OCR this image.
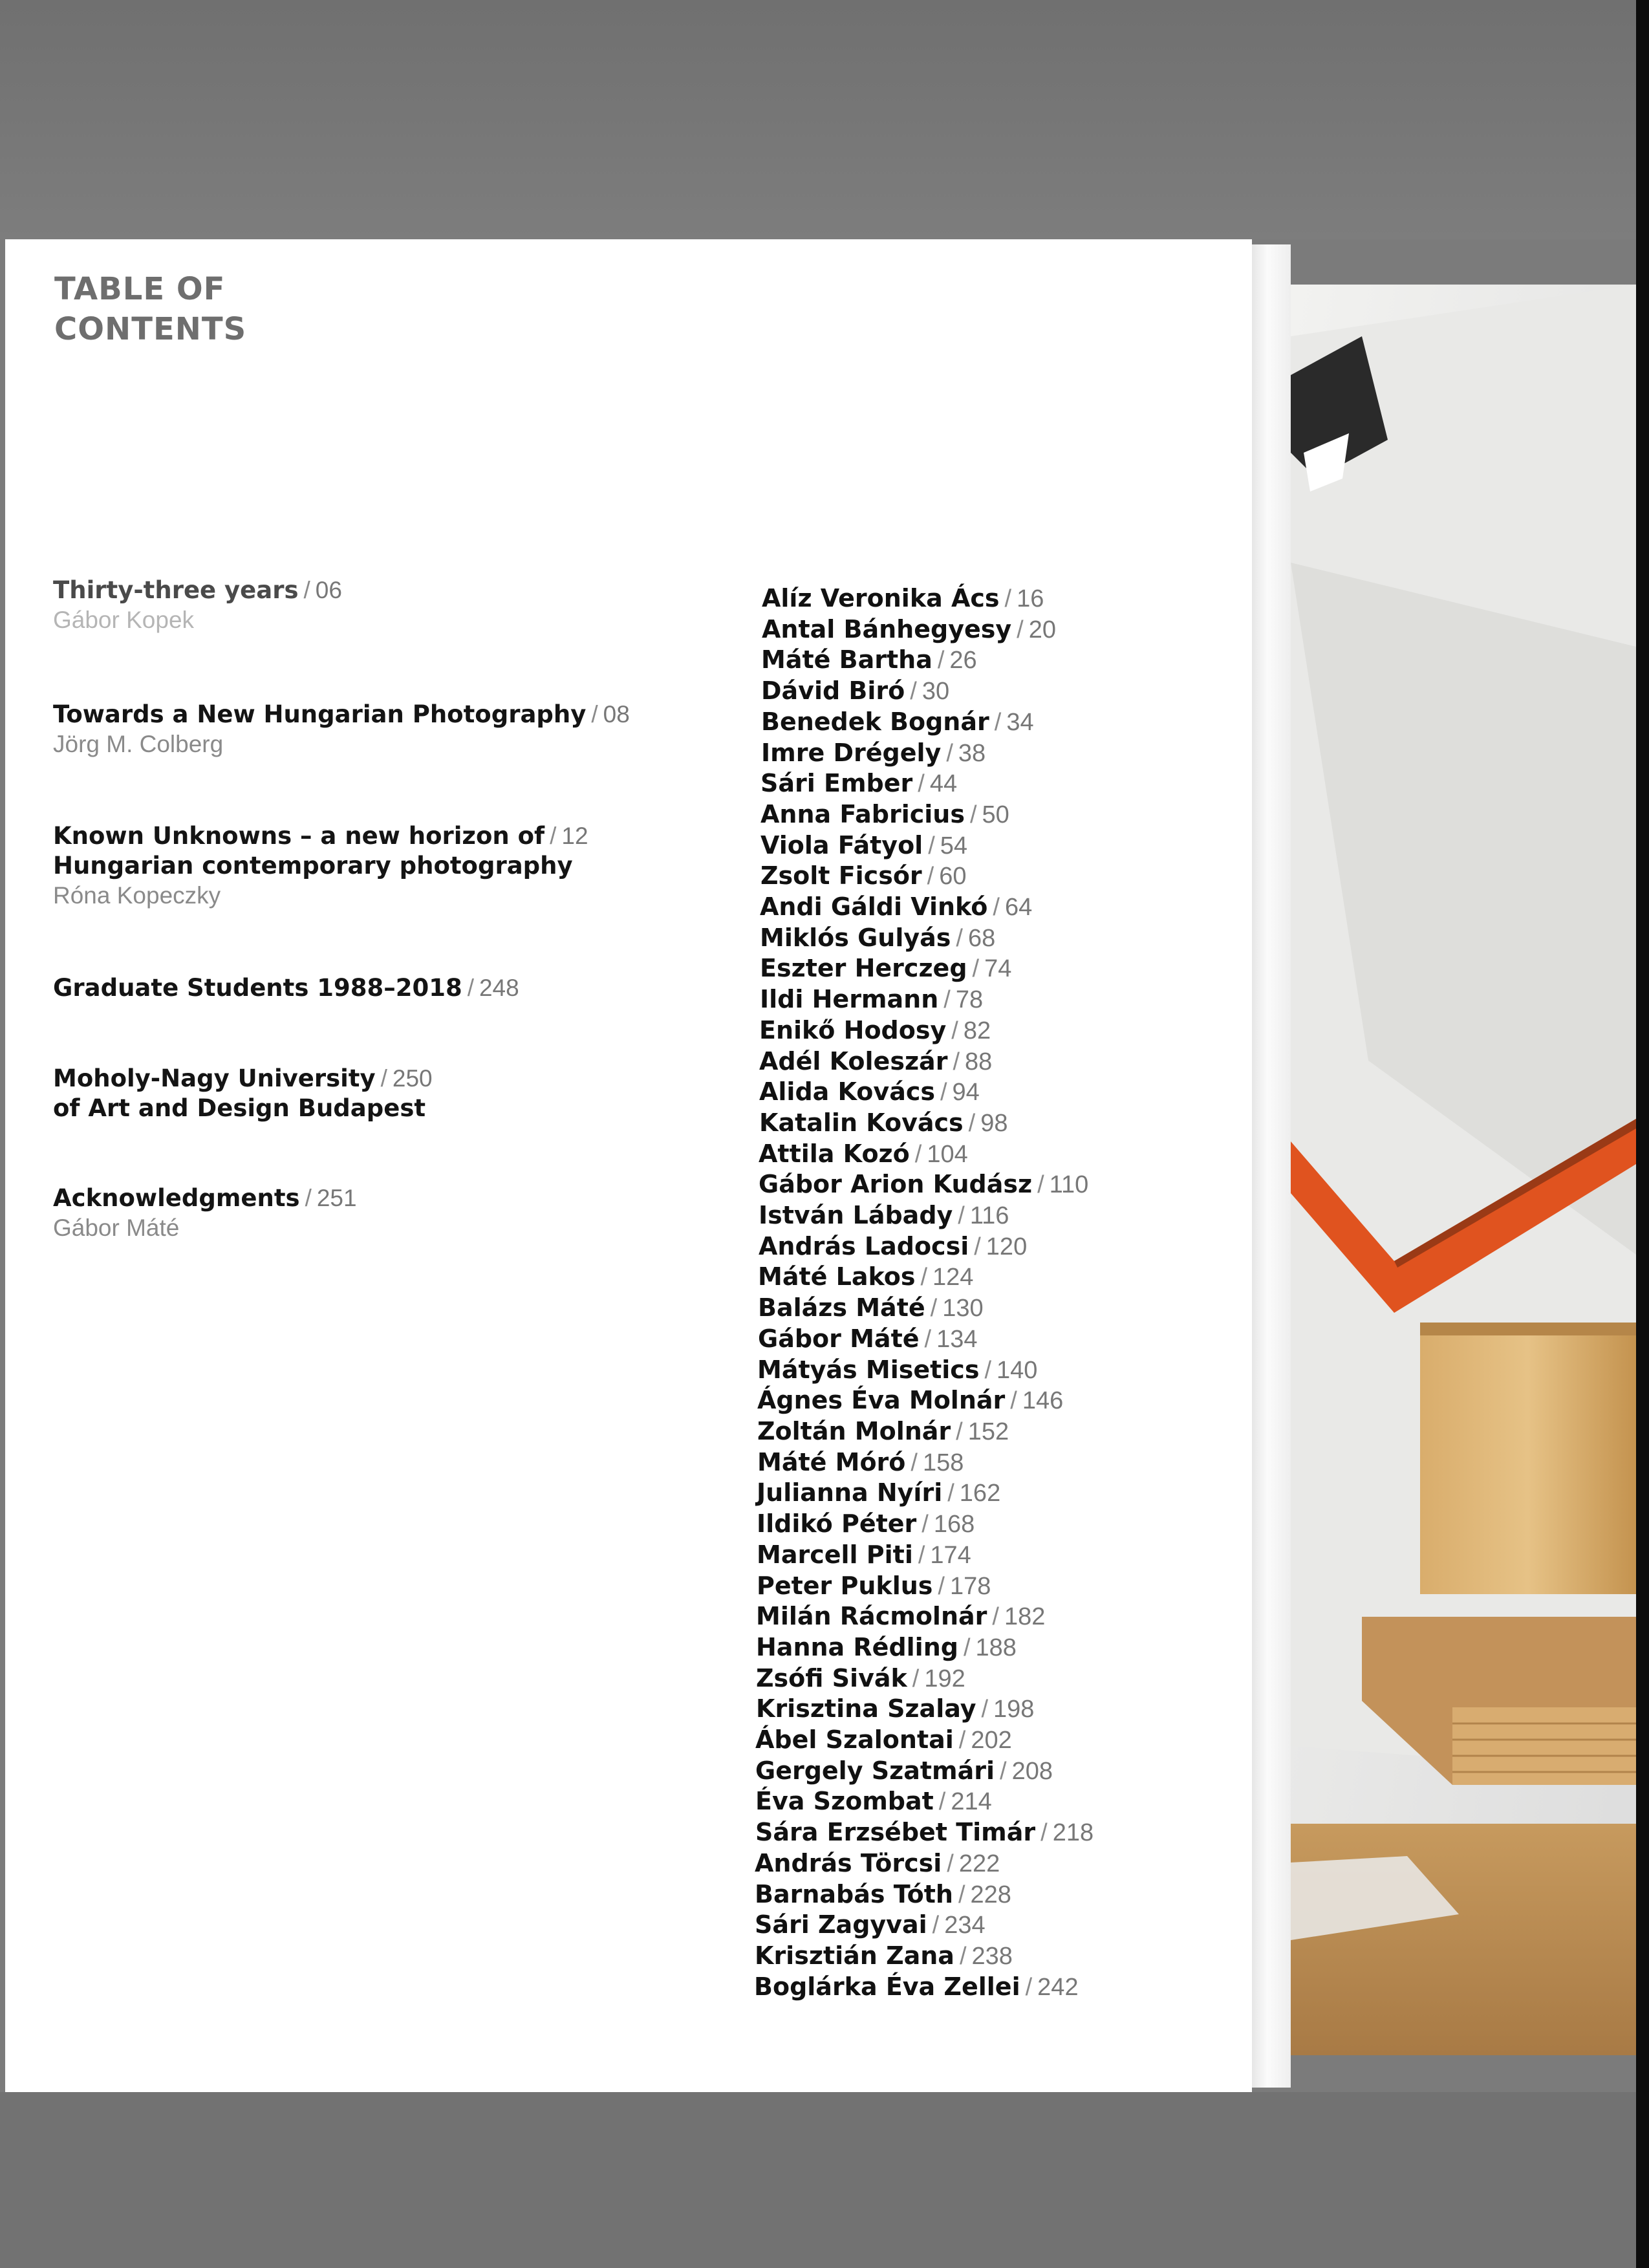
TABLE OF
CONTENTS
Thirty-three years / 06
Gábor Kopek
Towards a New Hungarian Photography / 08
Jörg M. Colberg
Known Unknowns – a new horizon of / 12
Hungarian contemporary photography
Róna Kopeczky
Graduate Students 1988–2018 / 248
Moholy-Nagy University / 250
of Art and Design Budapest
Acknowledgments / 251
Gábor Máté
Alíz Veronika Ács / 16
Antal Bánhegyesy / 20
Máté Bartha / 26
Dávid Biró / 30
Benedek Bognár / 34
Imre Drégely / 38
Sári Ember / 44
Anna Fabricius / 50
Viola Fátyol / 54
Zsolt Ficsór / 60
Andi Gáldi Vinkó / 64
Miklós Gulyás / 68
Eszter Herczeg / 74
Ildi Hermann / 78
Enikő Hodosy / 82
Adél Koleszár / 88
Alida Kovács / 94
Katalin Kovács / 98
Attila Kozó / 104
Gábor Arion Kudász / 110
István Lábady / 116
András Ladocsi / 120
Máté Lakos / 124
Balázs Máté / 130
Gábor Máté / 134
Mátyás Misetics / 140
Ágnes Éva Molnár / 146
Zoltán Molnár / 152
Máté Móró / 158
Julianna Nyíri / 162
Ildikó Péter / 168
Marcell Piti / 174
Peter Puklus / 178
Milán Rácmolnár / 182
Hanna Rédling / 188
Zsófi Sivák / 192
Krisztina Szalay / 198
Ábel Szalontai / 202
Gergely Szatmári / 208
Éva Szombat / 214
Sára Erzsébet Timár / 218
András Törcsi / 222
Barnabás Tóth / 228
Sári Zagyvai / 234
Krisztián Zana / 238
Boglárka Éva Zellei / 242
